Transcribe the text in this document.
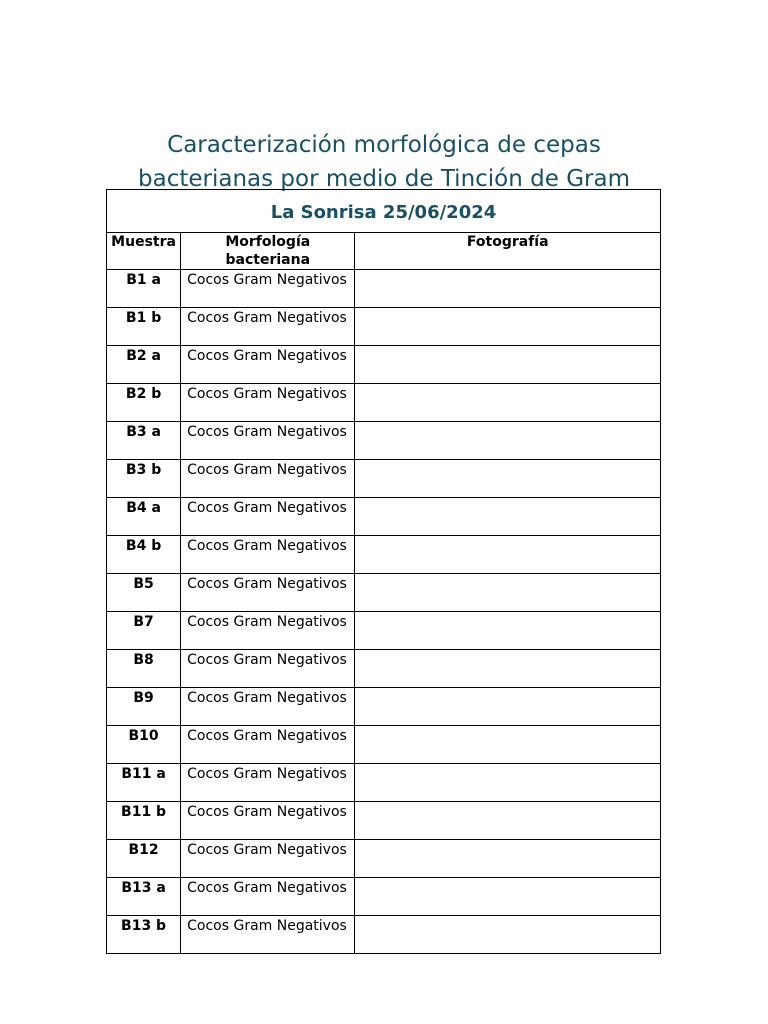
Caracterización morfológica de cepas
bacterianas por medio de Tinción de Gram
La Sonrisa 25/06/2024		
Muestra	Morfología bacteriana	Fotografía
B1 a	Cocos Gram Negativos	
B1 b	Cocos Gram Negativos	
B2 a	Cocos Gram Negativos	
B2 b	Cocos Gram Negativos	
B3 a	Cocos Gram Negativos	
B3 b	Cocos Gram Negativos	
B4 a	Cocos Gram Negativos	
B4 b	Cocos Gram Negativos	
B5	Cocos Gram Negativos	
B7	Cocos Gram Negativos	
B8	Cocos Gram Negativos	
B9	Cocos Gram Negativos	
B10	Cocos Gram Negativos	
B11 a	Cocos Gram Negativos	
B11 b	Cocos Gram Negativos	
B12	Cocos Gram Negativos	
B13 a	Cocos Gram Negativos	
B13 b	Cocos Gram Negativos	
